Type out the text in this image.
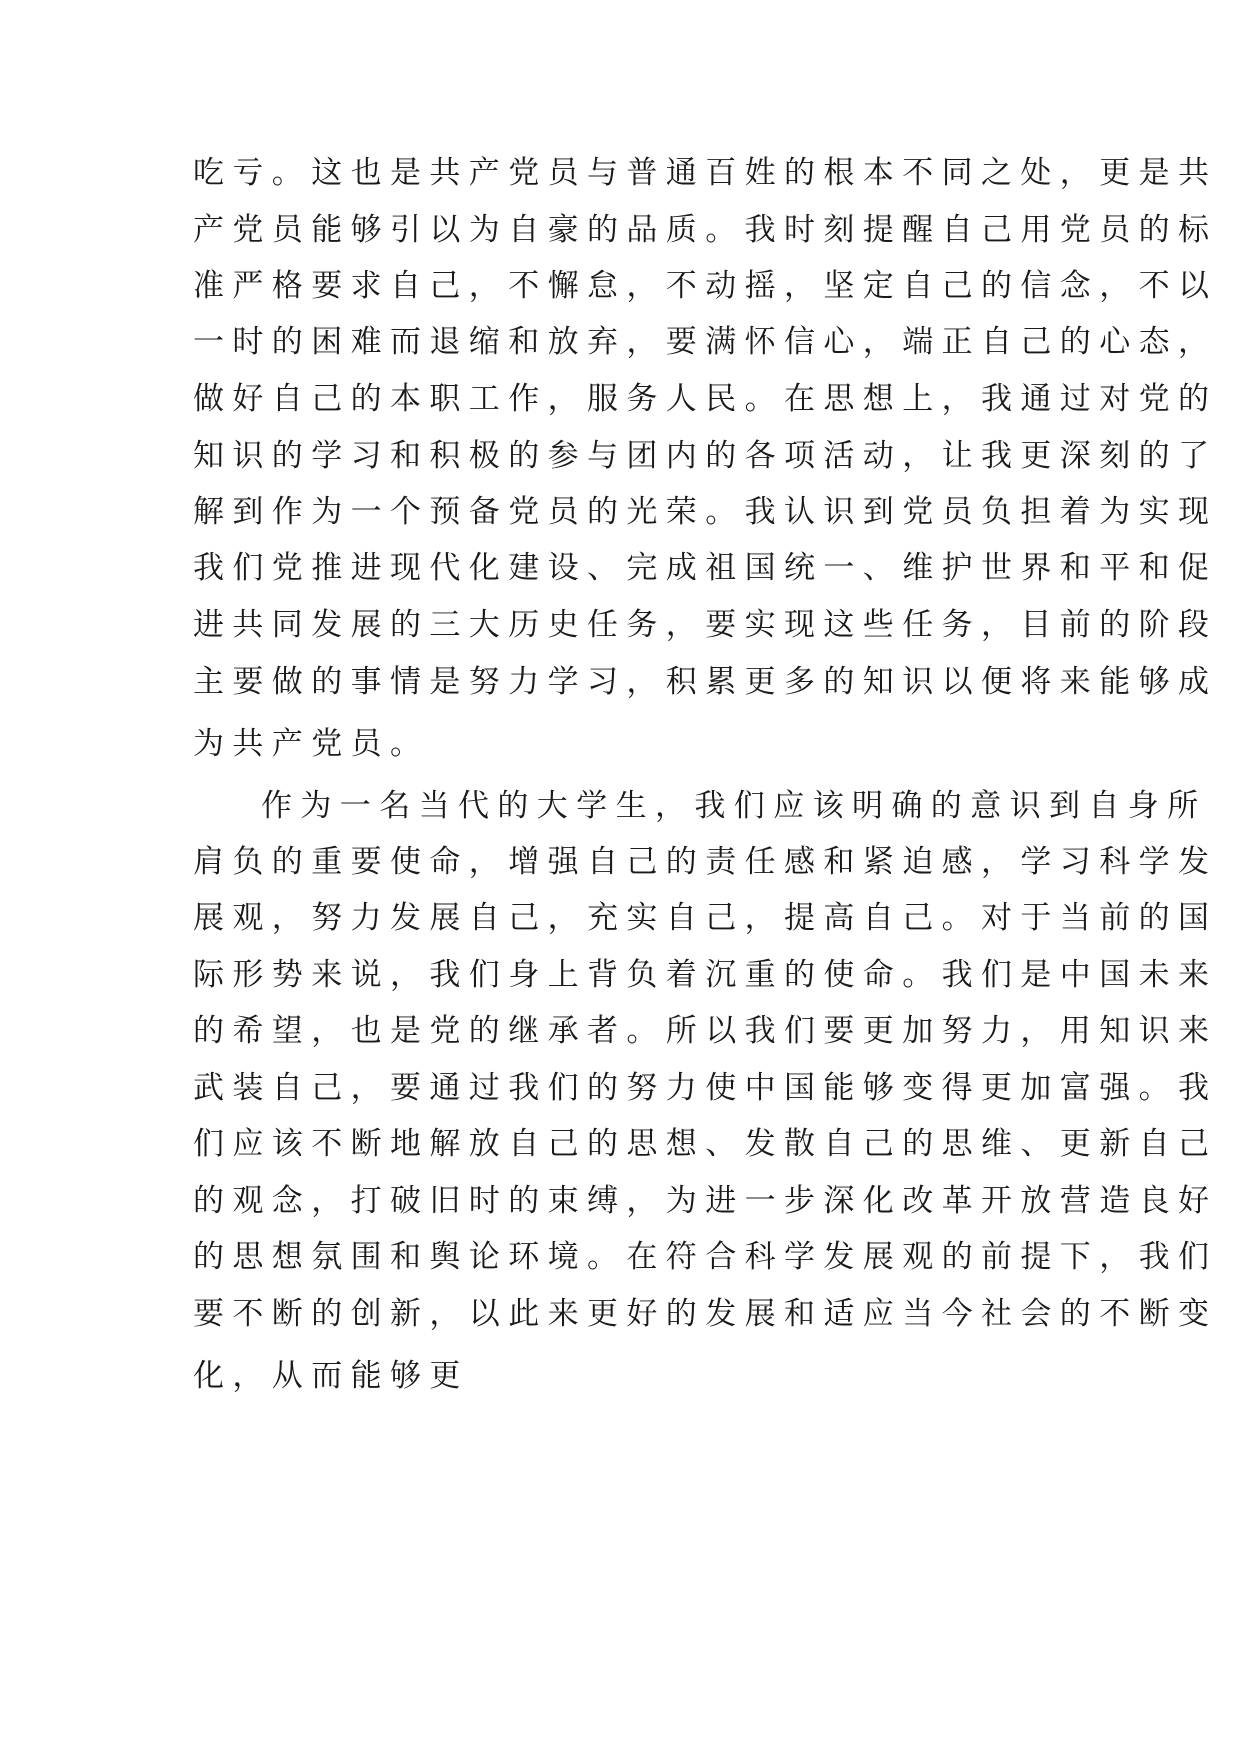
吃亏。这也是共产党员与普通百姓的根本不同之处，更是共

产党员能够引以为自豪的品质。我时刻提醒自己用党员的标

准严格要求自己，不懈怠，不动摇，坚定自己的信念，不以

一时的困难而退缩和放弃，要满怀信心，端正自己的心态，

做好自己的本职工作，服务人民。在思想上，我通过对党的

知识的学习和积极的参与团内的各项活动，让我更深刻的了

解到作为一个预备党员的光荣。我认识到党员负担着为实现

我们党推进现代化建设、完成祖国统一、维护世界和平和促

进共同发展的三大历史任务，要实现这些任务，目前的阶段

主要做的事情是努力学习，积累更多的知识以便将来能够成

为共产党员。

作为一名当代的大学生，我们应该明确的意识到自身所

肩负的重要使命，增强自己的责任感和紧迫感，学习科学发

展观，努力发展自己，充实自己，提高自己。对于当前的国

际形势来说，我们身上背负着沉重的使命。我们是中国未来

的希望，也是党的继承者。所以我们要更加努力，用知识来

武装自己，要通过我们的努力使中国能够变得更加富强。我

们应该不断地解放自己的思想、发散自己的思维、更新自己

的观念，打破旧时的束缚，为进一步深化改革开放营造良好

的思想氛围和舆论环境。在符合科学发展观的前提下，我们

要不断的创新，以此来更好的发展和适应当今社会的不断变

化，从而能够更
